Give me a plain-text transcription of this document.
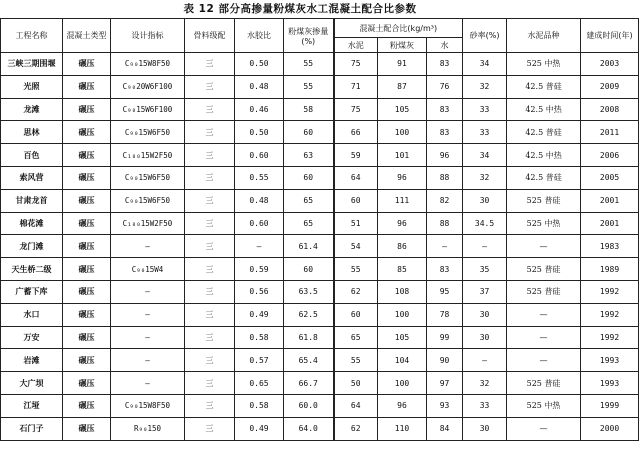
表 12 部分高掺量粉煤灰水工混凝土配合比参数
工程名称	混凝土类型	设计指标	骨料级配	水胶比	粉煤灰掺量(%)	混凝土配合比(kg/m³)			砂率(%)	水泥品种	建成时间(年)
						水泥	粉煤灰	水			
三峡三期围堰	碾压	C₉₀15W8F50	三	0.50	55	75	91	83	34	525 中热	2003
光照	碾压	C₉₀20W6F100	三	0.48	55	71	87	76	32	42.5 普硅	2009
龙滩	碾压	C₉₀15W6F100	三	0.46	58	75	105	83	33	42.5 中热	2008
思林	碾压	C₉₀15W6F50	三	0.50	60	66	100	83	33	42.5 普硅	2011
百色	碾压	C₁₈₀15W2F50	三	0.60	63	59	101	96	34	42.5 中热	2006
索风营	碾压	C₉₀15W6F50	三	0.55	60	64	96	88	32	42.5 普硅	2005
甘肃龙首	碾压	C₉₀15W6F50	三	0.48	65	60	111	82	30	525 普硅	2001
棉花滩	碾压	C₁₈₀15W2F50	三	0.60	65	51	96	88	34.5	525 中热	2001
龙门滩	碾压	—	三	—	61.4	54	86	—	—	—	1983
天生桥二级	碾压	C₉₀15W4	三	0.59	60	55	85	83	35	525 普硅	1989
广蓄下库	碾压	—	三	0.56	63.5	62	108	95	37	525 普硅	1992
水口	碾压	—	三	0.49	62.5	60	100	78	30	—	1992
万安	碾压	—	三	0.58	61.8	65	105	99	30	—	1992
岩滩	碾压	—	三	0.57	65.4	55	104	90	—	—	1993
大广坝	碾压	—	三	0.65	66.7	50	100	97	32	525 普硅	1993
江垭	碾压	C₉₀15W8F50	三	0.58	60.0	64	96	93	33	525 中热	1999
石门子	碾压	R₉₀150	三	0.49	64.0	62	110	84	30	—	2000
